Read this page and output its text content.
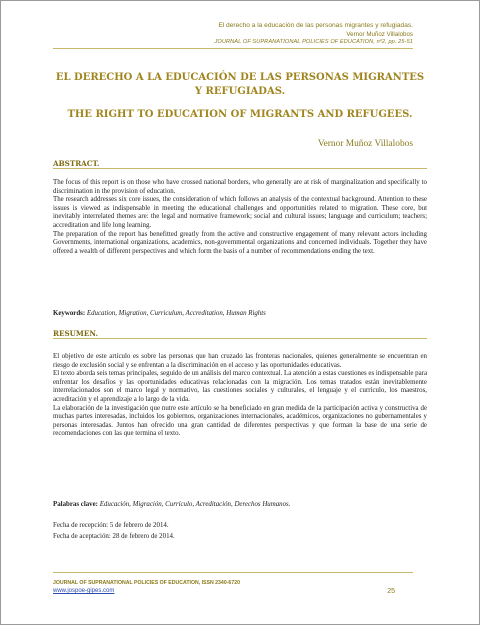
El derecho a la educación de las personas migrantes y refugiadas.
Vernor Muñoz Villalobos
JOURNAL OF SUPRANATIONAL POLICIES OF EDUCATION, nº2, pp. 25-51
EL DERECHO A LA EDUCACIÓN DE LAS PERSONAS MIGRANTES Y REFUGIADAS.
THE RIGHT TO EDUCATION OF MIGRANTS AND REFUGEES.
Vernor Muñoz Villalobos
ABSTRACT.

The focus of this report is on those who have crossed national borders, who generally are at risk of marginalization and specifically to discrimination in the provision of education.

The research addresses six core issues, the consideration of which follows an analysis of the contextual background. Attention to these issues is viewed as indispensable in meeting the educational challenges and opportunities related to migration. These core, but inevitably interrelated themes are: the legal and normative framework; social and cultural issues; language and curriculum; teachers; accreditation and life long learning.

The preparation of the report has benefitted greatly from the active and constructive engagement of many relevant actors including Governments, international organizations, academics, non-governmental organizations and concerned individuals. Together they have offered a wealth of different perspectives and which form the basis of a number of recommendations ending the text.

Keywords: Education, Migration, Curriculum, Accreditation, Human Rights
RESUMEN.

El objetivo de este artículo es sobre las personas que han cruzado las fronteras nacionales, quienes generalmente se encuentran en riesgo de exclusión social y se enfrentan a la discriminación en el acceso y las oportunidades educativas.

El texto aborda seis temas principales, seguido de un análisis del marco contextual. La atención a estas cuestiones es indispensable para enfrentar los desafíos y las oportunidades educativas relacionadas con la migración. Los temas tratados están inevitablemente interrelacionados son el marco legal y normativo, las cuestiones sociales y culturales, el lenguaje y el currículo, los maestros, acreditación y el aprendizaje a lo largo de la vida.

La elaboración de la investigación que nutre este artículo se ha beneficiado en gran medida de la participación activa y constructiva de muchas partes interesadas, incluidos los gobiernos, organizaciones internacionales, académicos, organizaciones no gubernamentales y personas interesadas. Juntos han ofrecido una gran cantidad de diferentes perspectivas y que forman la base de una serie de recomendaciones con las que termina el texto.

Palabras clave: Educación, Migración, Currículo, Acreditación, Derechos Humanos.
Fecha de recepción: 5 de febrero de 2014.
Fecha de aceptación: 28 de febrero de 2014.
JOURNAL OF SUPRANATIONAL POLICIES OF EDUCATION, ISSN 2340-6720
www.jospoe-gipes.com	25
